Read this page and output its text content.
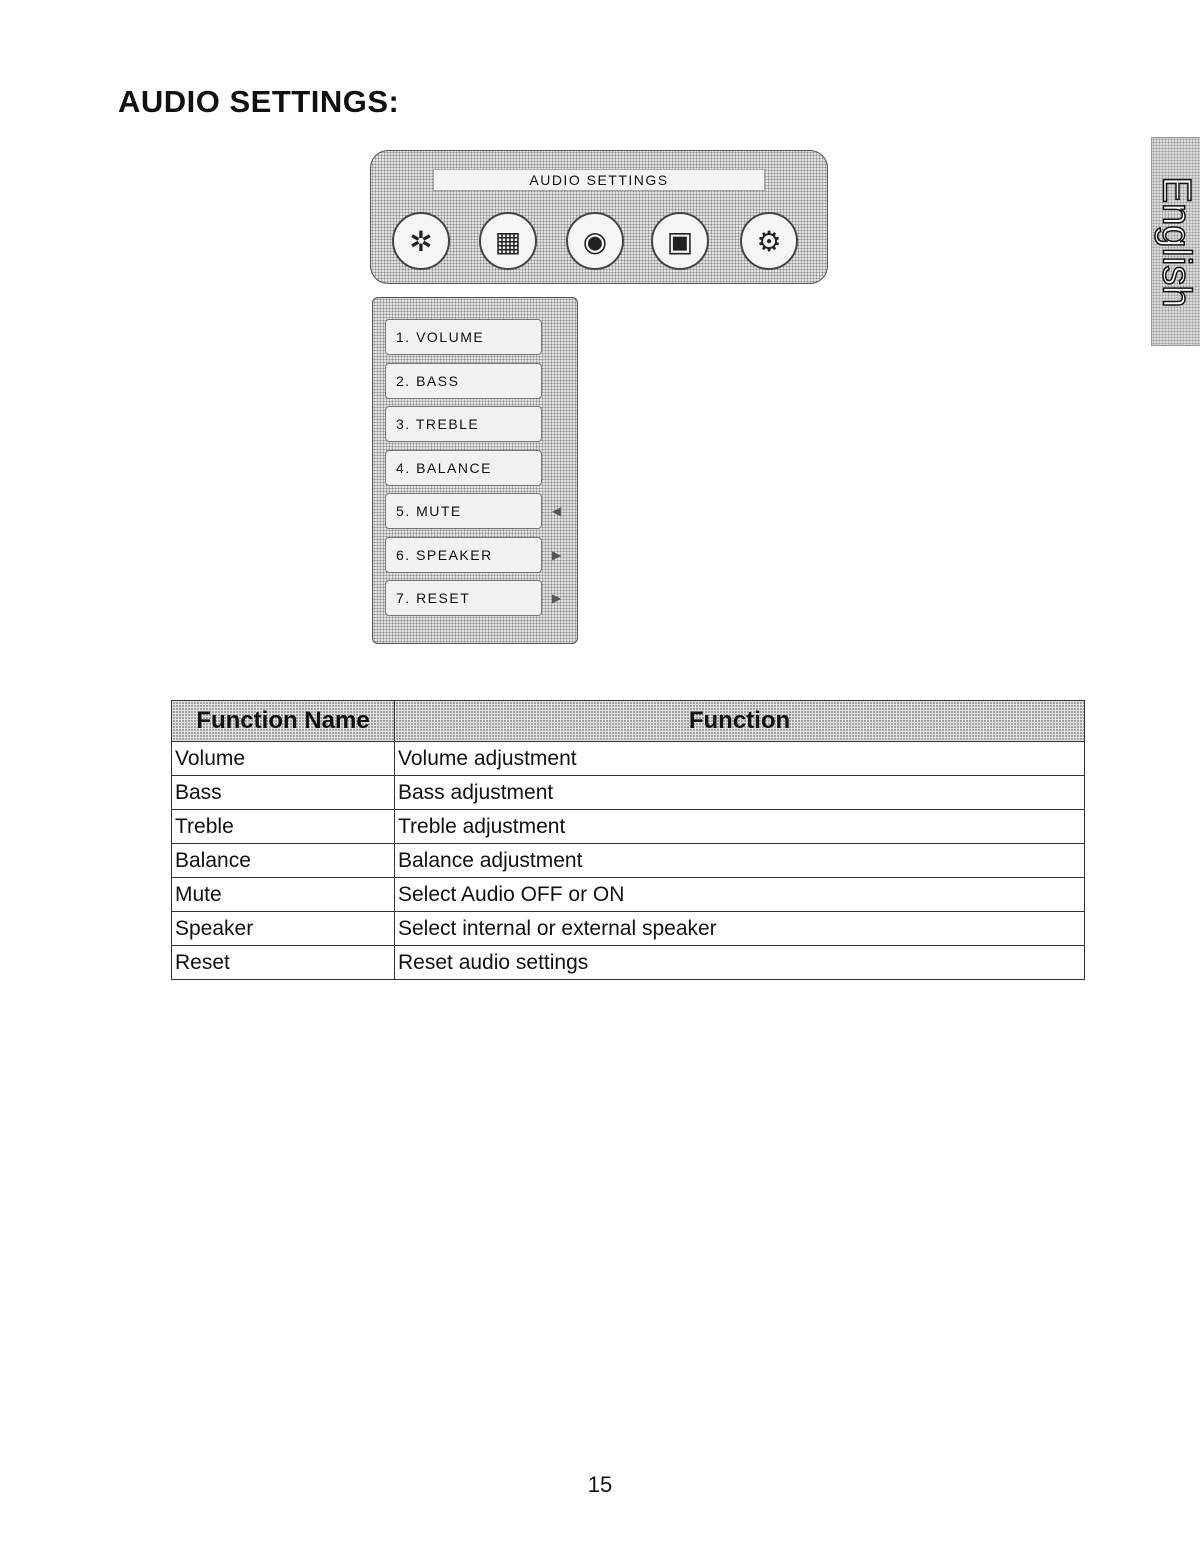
AUDIO SETTINGS:
English
AUDIO SETTINGS
✲	▦	◉	▣	⚙
1. VOLUME
2. BASS
3. TREBLE
4. BALANCE
5. MUTE
6. SPEAKER
7. RESET
◀
▶
▶
Function Name	Function
Volume	Volume adjustment
Bass	Bass adjustment
Treble	Treble adjustment
Balance	Balance adjustment
Mute	Select Audio OFF or ON
Speaker	Select internal or external speaker
Reset	Reset audio settings
15
